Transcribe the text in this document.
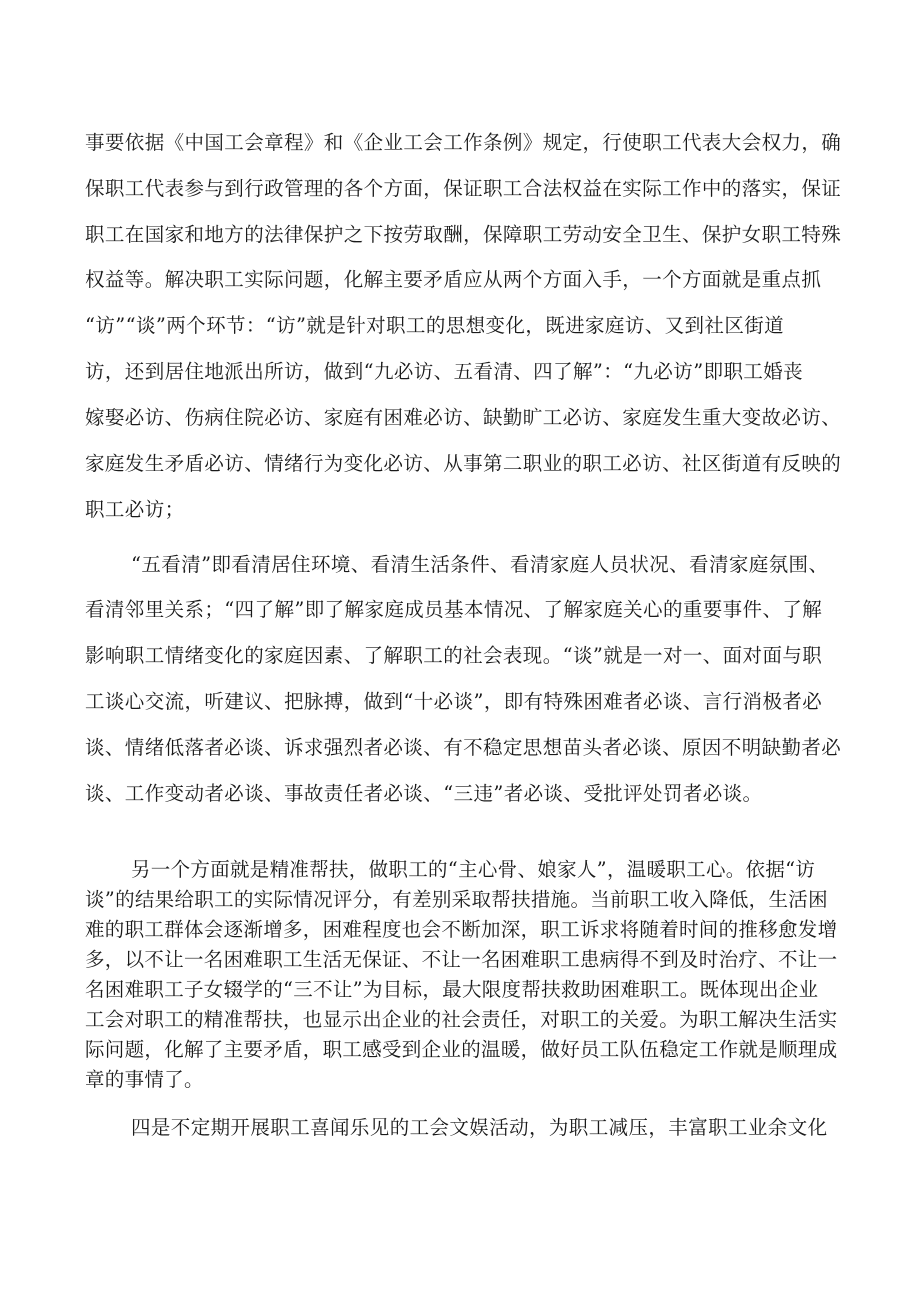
事要依据《中国工会章程》和《企业工会工作条例》规定，行使职工代表大会权力，确
保职工代表参与到行政管理的各个方面，保证职工合法权益在实际工作中的落实，保证
职工在国家和地方的法律保护之下按劳取酬，保障职工劳动安全卫生、保护女职工特殊
权益等。解决职工实际问题，化解主要矛盾应从两个方面入手，一个方面就是重点抓
“访”“谈”两个环节：“访”就是针对职工的思想变化，既进家庭访、又到社区街道
访，还到居住地派出所访，做到“九必访、五看清、四了解”：“九必访”即职工婚丧
嫁娶必访、伤病住院必访、家庭有困难必访、缺勤旷工必访、家庭发生重大变故必访、
家庭发生矛盾必访、情绪行为变化必访、从事第二职业的职工必访、社区街道有反映的
职工必访；
“五看清”即看清居住环境、看清生活条件、看清家庭人员状况、看清家庭氛围、
看清邻里关系；“四了解”即了解家庭成员基本情况、了解家庭关心的重要事件、了解
影响职工情绪变化的家庭因素、了解职工的社会表现。“谈”就是一对一、面对面与职
工谈心交流，听建议、把脉搏，做到“十必谈”，即有特殊困难者必谈、言行消极者必
谈、情绪低落者必谈、诉求强烈者必谈、有不稳定思想苗头者必谈、原因不明缺勤者必
谈、工作变动者必谈、事故责任者必谈、“三违”者必谈、受批评处罚者必谈。
另一个方面就是精准帮扶，做职工的“主心骨、娘家人”，温暖职工心。依据“访
谈”的结果给职工的实际情况评分，有差别采取帮扶措施。当前职工收入降低，生活困
难的职工群体会逐渐增多，困难程度也会不断加深，职工诉求将随着时间的推移愈发增
多，以不让一名困难职工生活无保证、不让一名困难职工患病得不到及时治疗、不让一
名困难职工子女辍学的“三不让”为目标，最大限度帮扶救助困难职工。既体现出企业
工会对职工的精准帮扶，也显示出企业的社会责任，对职工的关爱。为职工解决生活实
际问题，化解了主要矛盾，职工感受到企业的温暖，做好员工队伍稳定工作就是顺理成
章的事情了。
四是不定期开展职工喜闻乐见的工会文娱活动，为职工减压，丰富职工业余文化
